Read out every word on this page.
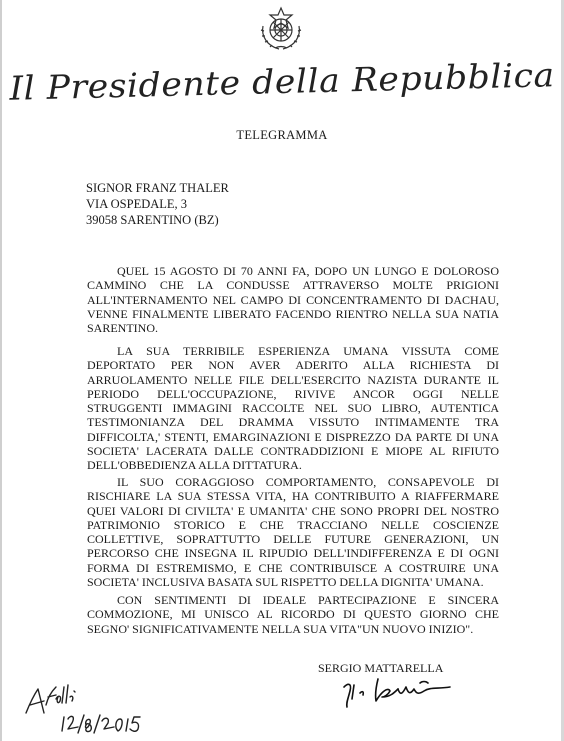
Il Presidente della Repubblica
TELEGRAMMA
SIGNOR FRANZ THALER
VIA OSPEDALE, 3
39058 SARENTINO (BZ)

QUEL 15 AGOSTO DI 70 ANNI FA, DOPO UN LUNGO E DOLOROSO CAMMINO CHE LA CONDUSSE ATTRAVERSO MOLTE PRIGIONI ALL'INTERNAMENTO NEL CAMPO DI CONCENTRAMENTO DI DACHAU, VENNE FINALMENTE LIBERATO FACENDO RIENTRO NELLA SUA NATIA SARENTINO.

LA SUA TERRIBILE ESPERIENZA UMANA VISSUTA COME DEPORTATO PER NON AVER ADERITO ALLA RICHIESTA DI ARRUOLAMENTO NELLE FILE DELL'ESERCITO NAZISTA DURANTE IL PERIODO DELL'OCCUPAZIONE, RIVIVE ANCOR OGGI NELLE STRUGGENTI IMMAGINI RACCOLTE NEL SUO LIBRO, AUTENTICA TESTIMONIANZA DEL DRAMMA VISSUTO INTIMAMENTE TRA DIFFICOLTA,' STENTI, EMARGINAZIONI E DISPREZZO DA PARTE DI UNA SOCIETA' LACERATA DALLE CONTRADDIZIONI E MIOPE AL RIFIUTO DELL'OBBEDIENZA ALLA DITTATURA.

IL SUO CORAGGIOSO COMPORTAMENTO, CONSAPEVOLE DI RISCHIARE LA SUA STESSA VITA, HA CONTRIBUITO A RIAFFERMARE QUEI VALORI DI CIVILTA' E UMANITA' CHE SONO PROPRI DEL NOSTRO PATRIMONIO STORICO E CHE TRACCIANO NELLE COSCIENZE COLLETTIVE, SOPRATTUTTO DELLE FUTURE GENERAZIONI, UN PERCORSO CHE INSEGNA IL RIPUDIO DELL'INDIFFERENZA E DI OGNI FORMA DI ESTREMISMO, E CHE CONTRIBUISCE A COSTRUIRE UNA SOCIETA' INCLUSIVA BASATA SUL RISPETTO DELLA DIGNITA' UMANA.

CON SENTIMENTI DI IDEALE PARTECIPAZIONE E SINCERA COMMOZIONE, MI UNISCO AL RICORDO DI QUESTO GIORNO CHE SEGNO' SIGNIFICATIVAMENTE NELLA SUA VITA"UN NUOVO INIZIO".

SERGIO MATTARELLA
